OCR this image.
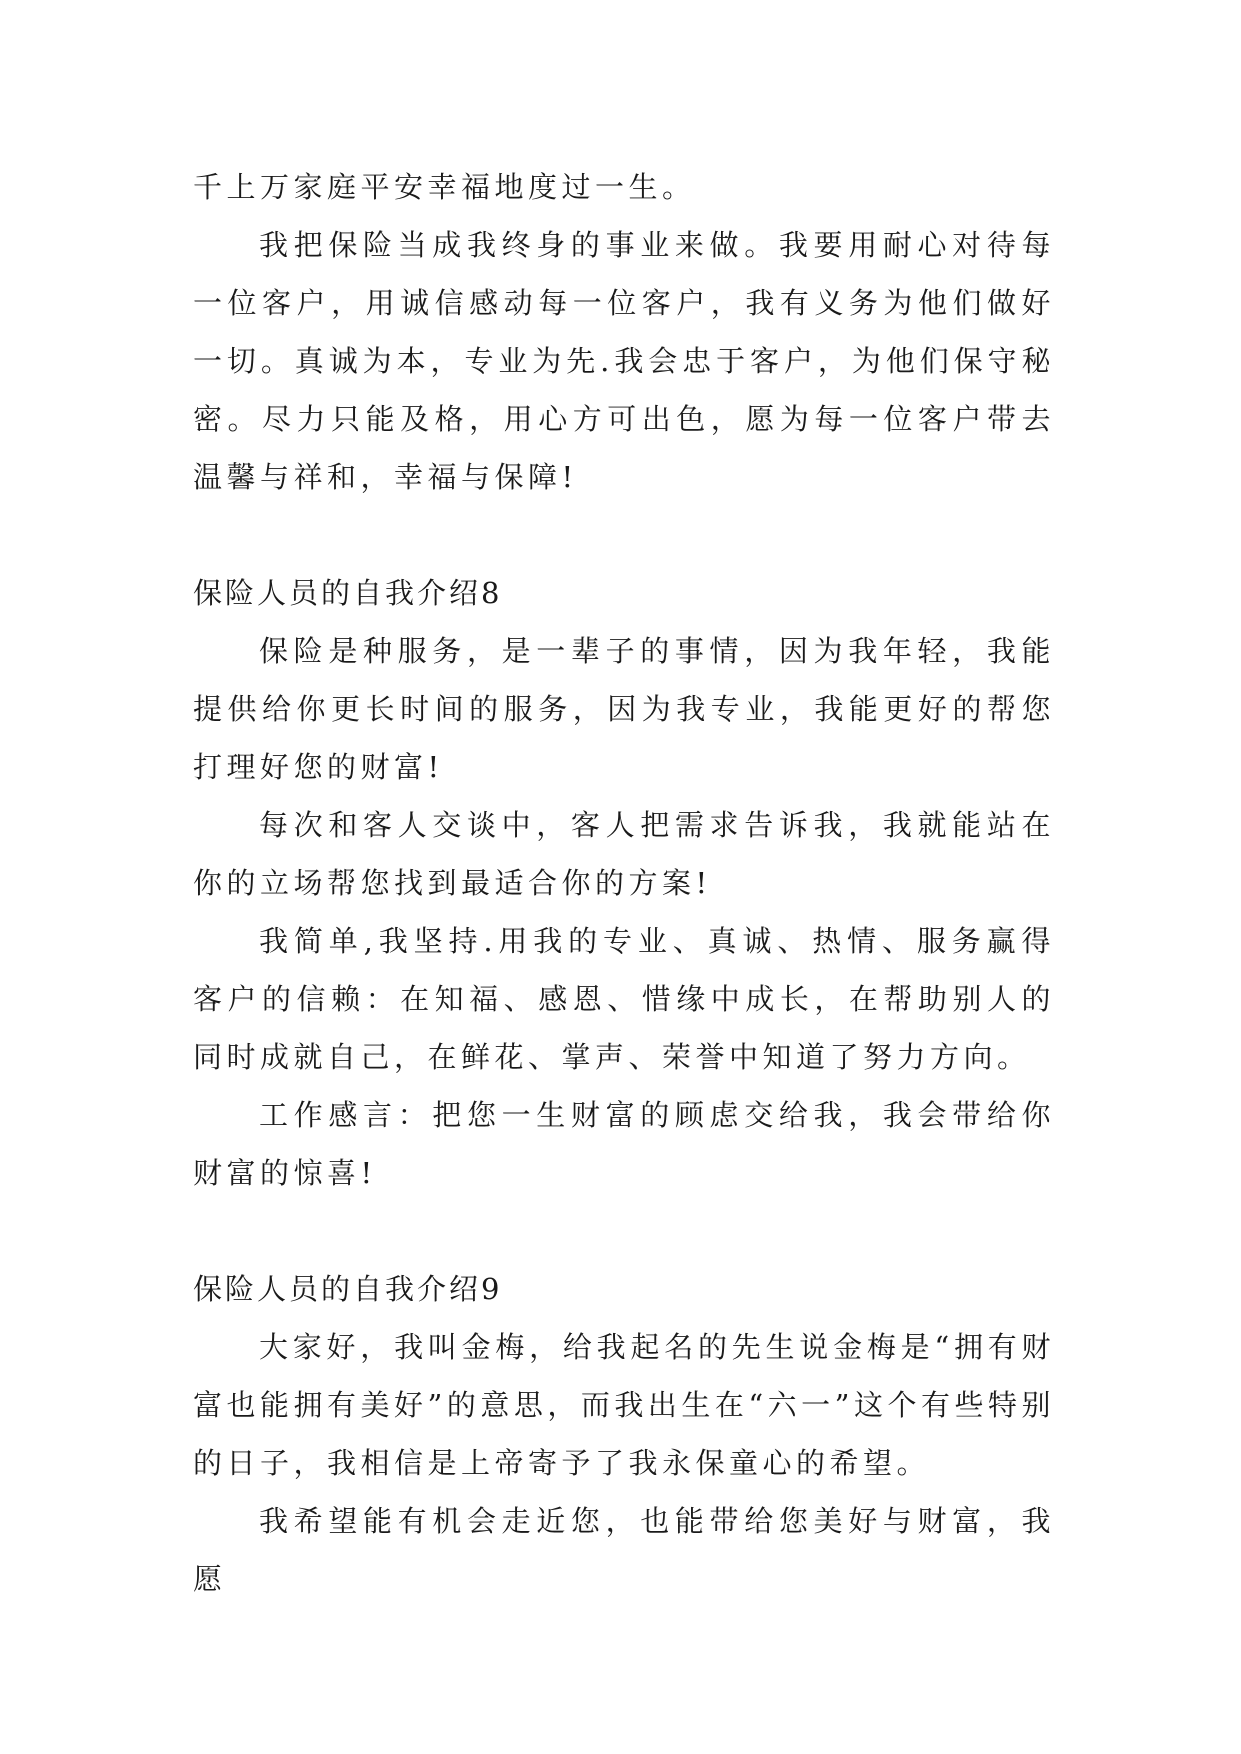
千上万家庭平安幸福地度过一生。

我把保险当成我终身的事业来做。我要用耐心对待每一位客户，用诚信感动每一位客户，我有义务为他们做好一切。真诚为本，专业为先.我会忠于客户，为他们保守秘密。尽力只能及格，用心方可出色，愿为每一位客户带去温馨与祥和，幸福与保障!

保险人员的自我介绍8

保险是种服务，是一辈子的事情，因为我年轻，我能提供给你更长时间的服务，因为我专业，我能更好的帮您打理好您的财富!

每次和客人交谈中，客人把需求告诉我，我就能站在你的立场帮您找到最适合你的方案!

我简单,我坚持.用我的专业、真诚、热情、服务赢得客户的信赖：在知福、感恩、惜缘中成长，在帮助别人的同时成就自己，在鲜花、掌声、荣誉中知道了努力方向。

工作感言：把您一生财富的顾虑交给我，我会带给你财富的惊喜!

保险人员的自我介绍9

大家好，我叫金梅，给我起名的先生说金梅是“拥有财富也能拥有美好”的意思，而我出生在“六一”这个有些特别的日子，我相信是上帝寄予了我永保童心的希望。

我希望能有机会走近您，也能带给您美好与财富，我愿
